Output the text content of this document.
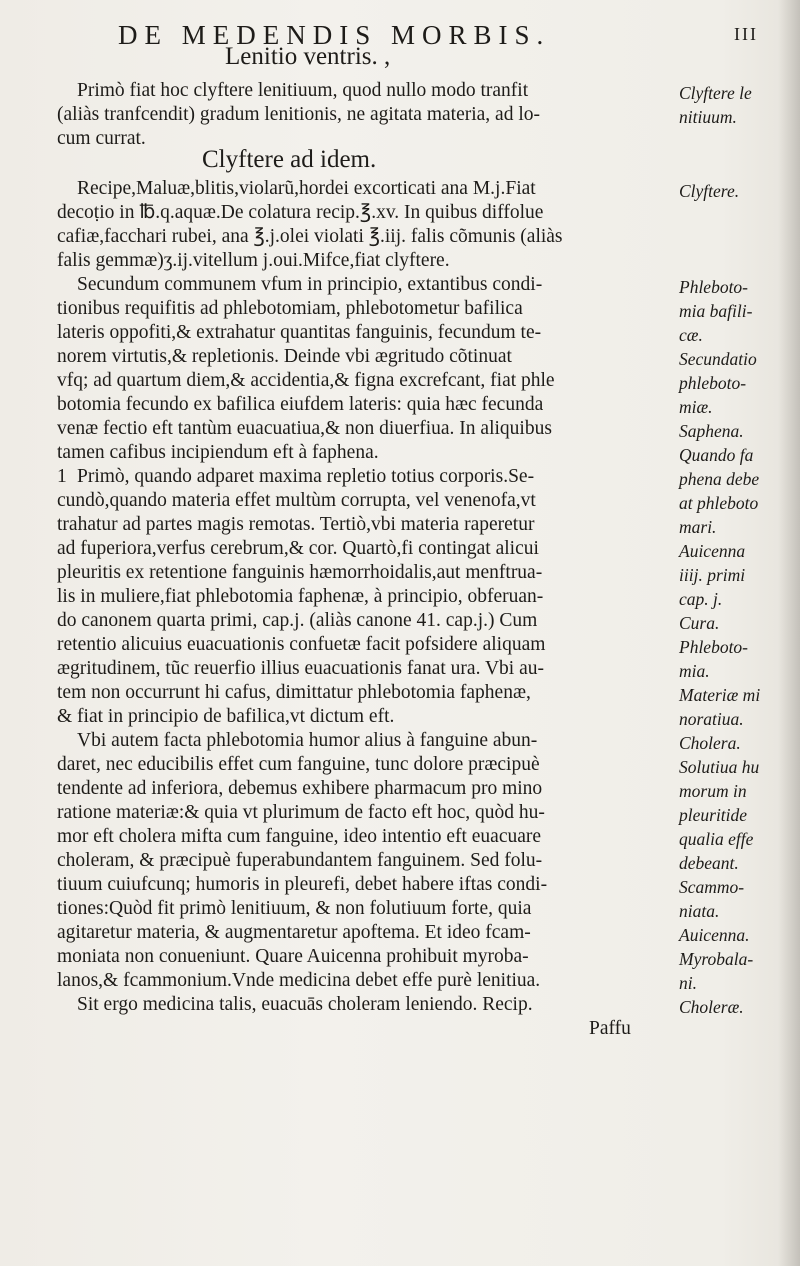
DE MEDENDIS MORBIS.	III
Lenitio ventris. ,
Primò fiat hoc clyftere lenitiuum, quod nullo modo tranfit
(aliàs tranfcendit) gradum lenitionis, ne agitata materia, ad lo-
cum currat.
Clyftere ad idem.
Recipe,Maluæ,blitis,violarũ,hordei excorticati ana M.j.Fiat
decoṭio in ℔.q.aquæ.De colatura recip.℥.xv. In quibus diffolue
cafiæ,facchari rubei, ana ℥.j.olei violati ℥.iij. falis cõmunis (aliàs
falis gemmæ)ʒ.ij.vitellum j.oui.Mifce,fiat clyftere.
Secundum communem vfum in principio, extantibus condi-
tionibus requifitis ad phlebotomiam, phlebotometur bafilica
lateris oppofiti,& extrahatur quantitas fanguinis, fecundum te-
norem virtutis,& repletionis. Deinde vbi ægritudo cõtinuat
vfq; ad quartum diem,& accidentia,& figna excrefcant, fiat phle
botomia fecundo ex bafilica eiufdem lateris: quia hæc fecunda
venæ fectio eft tantùm euacuatiua,& non diuerfiua. In aliquibus
tamen cafibus incipiendum eft à faphena.
1 Primò, quando adparet maxima repletio totius corporis.Se-
cundò,quando materia effet multùm corrupta, vel venenofa,vt
trahatur ad partes magis remotas. Tertiò,vbi materia raperetur
ad fuperiora,verfus cerebrum,& cor. Quartò,fi contingat alicui
pleuritis ex retentione fanguinis hæmorrhoidalis,aut menftrua-
lis in muliere,fiat phlebotomia faphenæ, à principio, obferuan-
do canonem quarta primi, cap.j. (aliàs canone 41. cap.j.) Cum
retentio alicuius euacuationis confuetæ facit pofsidere aliquam
ægritudinem, tũc reuerfio illius euacuationis fanat ura. Vbi au-
tem non occurrunt hi cafus, dimittatur phlebotomia faphenæ,
& fiat in principio de bafilica,vt dictum eft.
Vbi autem facta phlebotomia humor alius à fanguine abun-
daret, nec educibilis effet cum fanguine, tunc dolore præcipuè
tendente ad inferiora, debemus exhibere pharmacum pro mino
ratione materiæ:& quia vt plurimum de facto eft hoc, quòd hu-
mor eft cholera mifta cum fanguine, ideo intentio eft euacuare
choleram, & præcipuè fuperabundantem fanguinem. Sed folu-
tiuum cuiufcunq; humoris in pleurefi, debet habere iftas condi-
tiones:Quòd fit primò lenitiuum, & non folutiuum forte, quia
agitaretur materia, & augmentaretur apoftema. Et ideo fcam-
moniata non conueniunt. Quare Auicenna prohibuit myroba-
lanos,& fcammonium.Vnde medicina debet effe purè lenitiua.
Sit ergo medicina talis, euacuās choleram leniendo. Recip.
Paffu
Clyftere le
nitiuum.
Clyftere.
Phleboto-
mia bafili-
cæ.
Secundatio
phleboto-
miæ.
Saphena.
Quando fa
phena debe
at phleboto
mari.
Auicenna
iiij. primi
cap. j.
Cura.
Phleboto-
mia.
Materiæ mi
noratiua.
Cholera.
Solutiua hu
morum in
pleuritide
qualia effe
debeant.
Scammo-
niata.
Auicenna.
Myrobala-
ni.
Choleræ.
